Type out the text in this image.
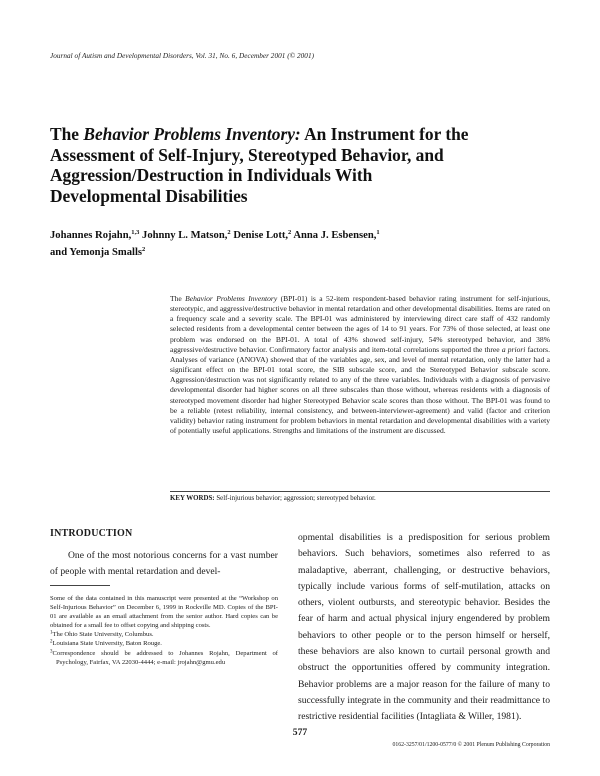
Journal of Autism and Developmental Disorders, Vol. 31, No. 6, December 2001 (© 2001)
The Behavior Problems Inventory: An Instrument for the Assessment of Self-Injury, Stereotyped Behavior, and Aggression/Destruction in Individuals With Developmental Disabilities
Johannes Rojahn,$^{1,3}$ Johnny L. Matson,$^2$ Denise Lott,$^2$ Anna J. Esbensen,$^1$
and Yemonja Smalls$^2$

The Behavior Problems Inventory (BPI-01) is a 52-item respondent-based behavior rating instrument for self-injurious, stereotypic, and aggressive/destructive behavior in mental retardation and other developmental disabilities. Items are rated on a frequency scale and a severity scale. The BPI-01 was administered by interviewing direct care staff of 432 randomly selected residents from a developmental center between the ages of 14 to 91 years. For 73% of those selected, at least one problem was endorsed on the BPI-01. A total of 43% showed self-injury, 54% stereotyped behavior, and 38% aggressive/destructive behavior. Confirmatory factor analysis and item-total correlations supported the three a priori factors. Analyses of variance (ANOVA) showed that of the variables age, sex, and level of mental retardation, only the latter had a significant effect on the BPI-01 total score, the SIB subscale score, and the Stereotyped Behavior subscale score. Aggression/destruction was not significantly related to any of the three variables. Individuals with a diagnosis of pervasive developmental disorder had higher scores on all three subscales than those without, whereas residents with a diagnosis of stereotyped movement disorder had higher Stereotyped Behavior scale scores than those without. The BPI-01 was found to be a reliable (retest reliability, internal consistency, and between-interviewer-agreement) and valid (factor and criterion validity) behavior rating instrument for problem behaviors in mental retardation and developmental disabilities with a variety of potentially useful applications. Strengths and limitations of the instrument are discussed.

KEY WORDS: Self-injurious behavior; aggression; stereotyped behavior.
INTRODUCTION

One of the most notorious concerns for a vast number of people with mental retardation and devel-

Some of the data contained in this manuscript were presented at the “Workshop on Self-Injurious Behavior” on December 6, 1999 in Rockville MD. Copies of the BPI-01 are available as an email attachment from the senior author. Hard copies can be obtained for a small fee to offset copying and shipping costs.

$^1$The Ohio State University, Columbus.

$^2$Louisiana State University, Baton Rouge.

$^3$Correspondence should be addressed to Johannes Rojahn, Department of Psychology, Fairfax, VA 22030-4444; e-mail: jrojahn@gmu.edu

opmental disabilities is a predisposition for serious problem behaviors. Such behaviors, sometimes also referred to as maladaptive, aberrant, challenging, or destructive behaviors, typically include various forms of self-mutilation, attacks on others, violent outbursts, and stereotypic behavior. Besides the fear of harm and actual physical injury engendered by problem behaviors to other people or to the person himself or herself, these behaviors are also known to curtail personal growth and obstruct the opportunities offered by community integration. Behavior problems are a major reason for the failure of many to successfully integrate in the community and their readmittance to restrictive residential facilities (Intagliata & Willer, 1981).

577
0162-3257/01/1200-0577/0 © 2001 Plenum Publishing Corporation
